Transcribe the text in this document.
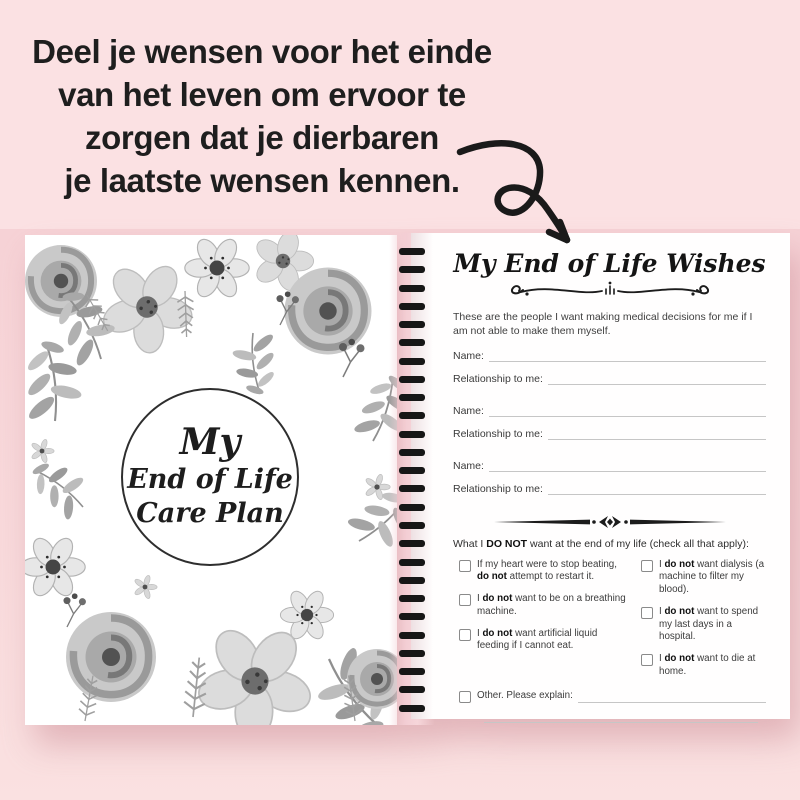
Deel je wensen voor het einde
van het leven om ervoor te
zorgen dat je dierbaren
je laatste wensen kennen.
My
End of Life
Care Plan
My End of Life Wishes
These are the people I want making medical decisions for me if I am not able to make them myself.
Name:
Relationship to me:
Name:
Relationship to me:
Name:
Relationship to me:
What I DO NOT want at the end of my life (check all that apply):
If my heart were to stop beating, do not attempt to restart it.
I do not want to be on a breathing machine.
I do not want artificial liquid feeding if I cannot eat.
I do not want dialysis (a machine to filter my blood).
I do not want to spend my last days in a hospital.
I do not want to die at home.
Other. Please explain:
